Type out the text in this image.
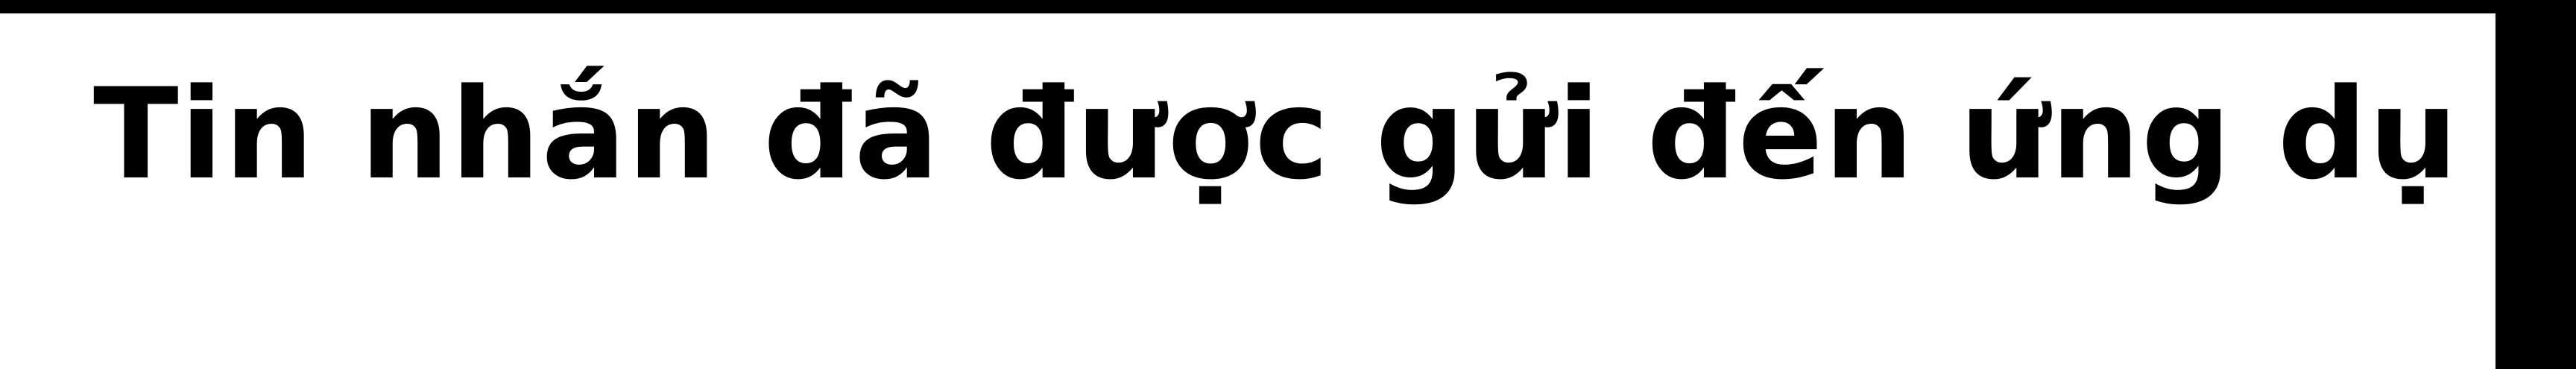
Tin nhắn đã được gửi đến ứng dụ
